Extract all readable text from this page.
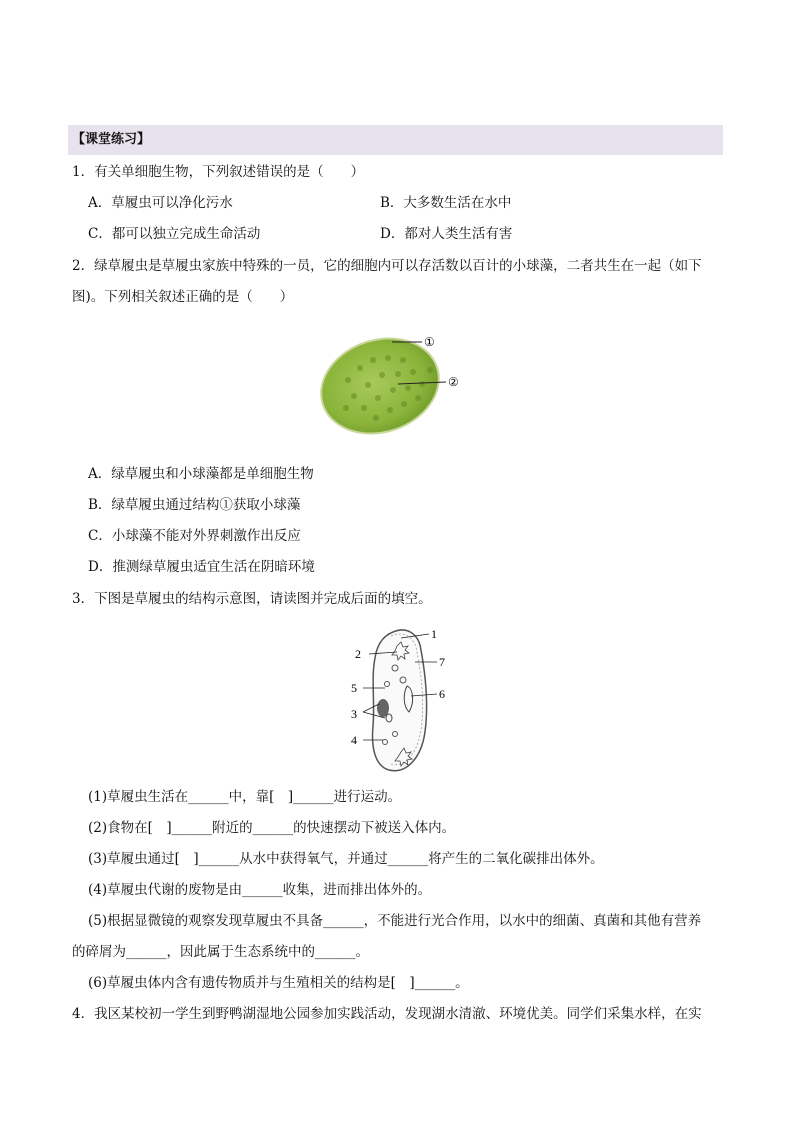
【课堂练习】
1．有关单细胞生物，下列叙述错误的是（　　）
A．草履虫可以净化污水	B．大多数生活在水中
C．都可以独立完成生命活动	D．都对人类生活有害
2．绿草履虫是草履虫家族中特殊的一员，它的细胞内可以存活数以百计的小球藻，二者共生在一起（如下
图)。下列相关叙述正确的是（　　）
①
②
A．绿草履虫和小球藻都是单细胞生物
B．绿草履虫通过结构①获取小球藻
C．小球藻不能对外界刺激作出反应
D．推测绿草履虫适宜生活在阴暗环境
3．下图是草履虫的结构示意图，请读图并完成后面的填空。
1
2
7
5	6
3
4
(1)草履虫生活在______中，靠[　]______进行运动。
(2)食物在[　]______附近的______的快速摆动下被送入体内。
(3)草履虫通过[　]______从水中获得氧气，并通过______将产生的二氧化碳排出体外。
(4)草履虫代谢的废物是由______收集，进而排出体外的。
(5)根据显微镜的观察发现草履虫不具备______，不能进行光合作用，以水中的细菌、真菌和其他有营养
的碎屑为______，因此属于生态系统中的______。
(6)草履虫体内含有遗传物质并与生殖相关的结构是[　]______。
4．我区某校初一学生到野鸭湖湿地公园参加实践活动，发现湖水清澈、环境优美。同学们采集水样，在实
